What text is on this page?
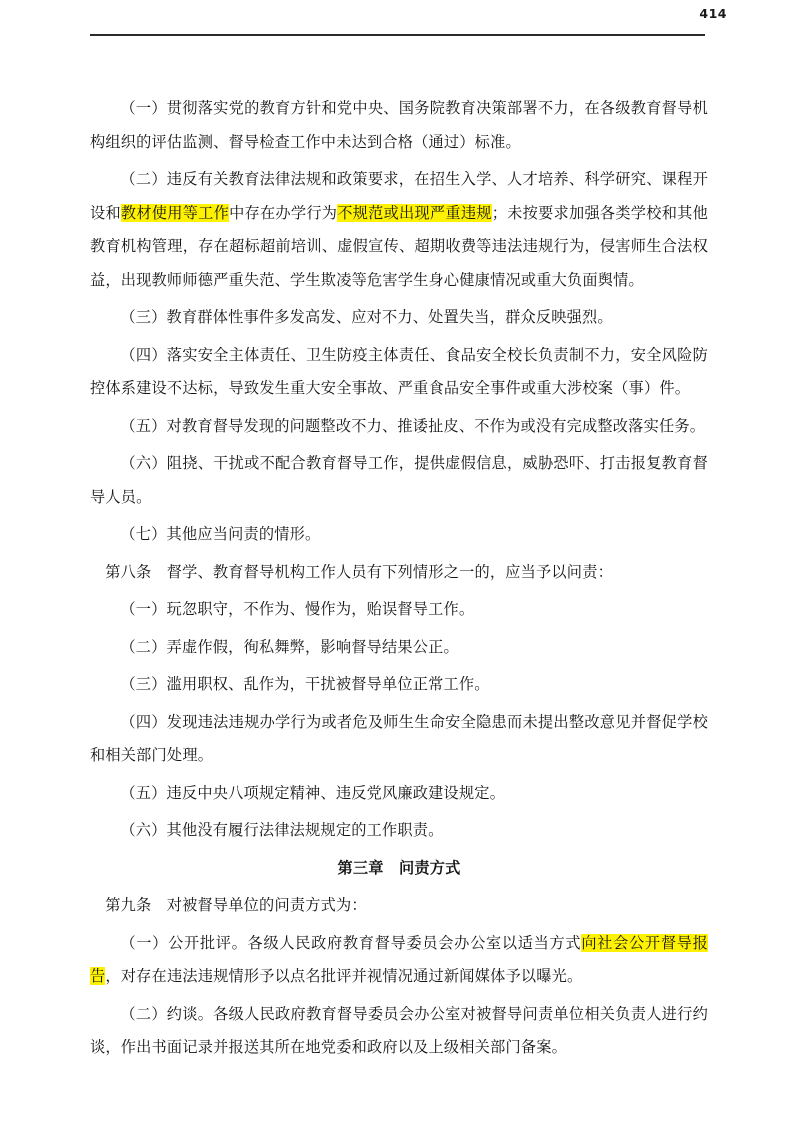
414

（一）贯彻落实党的教育方针和党中央、国务院教育决策部署不力，在各级教育督导机构组织的评估监测、督导检查工作中未达到合格（通过）标准。

（二）违反有关教育法律法规和政策要求，在招生入学、人才培养、科学研究、课程开设和教材使用等工作中存在办学行为不规范或出现严重违规；未按要求加强各类学校和其他教育机构管理，存在超标超前培训、虚假宣传、超期收费等违法违规行为，侵害师生合法权益，出现教师师德严重失范、学生欺凌等危害学生身心健康情况或重大负面舆情。

（三）教育群体性事件多发高发、应对不力、处置失当，群众反映强烈。

（四）落实安全主体责任、卫生防疫主体责任、食品安全校长负责制不力，安全风险防控体系建设不达标，导致发生重大安全事故、严重食品安全事件或重大涉校案（事）件。

（五）对教育督导发现的问题整改不力、推诿扯皮、不作为或没有完成整改落实任务。

（六）阻挠、干扰或不配合教育督导工作，提供虚假信息，威胁恐吓、打击报复教育督导人员。

（七）其他应当问责的情形。

第八条　督学、教育督导机构工作人员有下列情形之一的，应当予以问责：

（一）玩忽职守，不作为、慢作为，贻误督导工作。

（二）弄虚作假，徇私舞弊，影响督导结果公正。

（三）滥用职权、乱作为，干扰被督导单位正常工作。

（四）发现违法违规办学行为或者危及师生生命安全隐患而未提出整改意见并督促学校和相关部门处理。

（五）违反中央八项规定精神、违反党风廉政建设规定。

（六）其他没有履行法律法规规定的工作职责。

第三章　问责方式

第九条　对被督导单位的问责方式为：

（一）公开批评。各级人民政府教育督导委员会办公室以适当方式向社会公开督导报告，对存在违法违规情形予以点名批评并视情况通过新闻媒体予以曝光。

（二）约谈。各级人民政府教育督导委员会办公室对被督导问责单位相关负责人进行约谈，作出书面记录并报送其所在地党委和政府以及上级相关部门备案。
